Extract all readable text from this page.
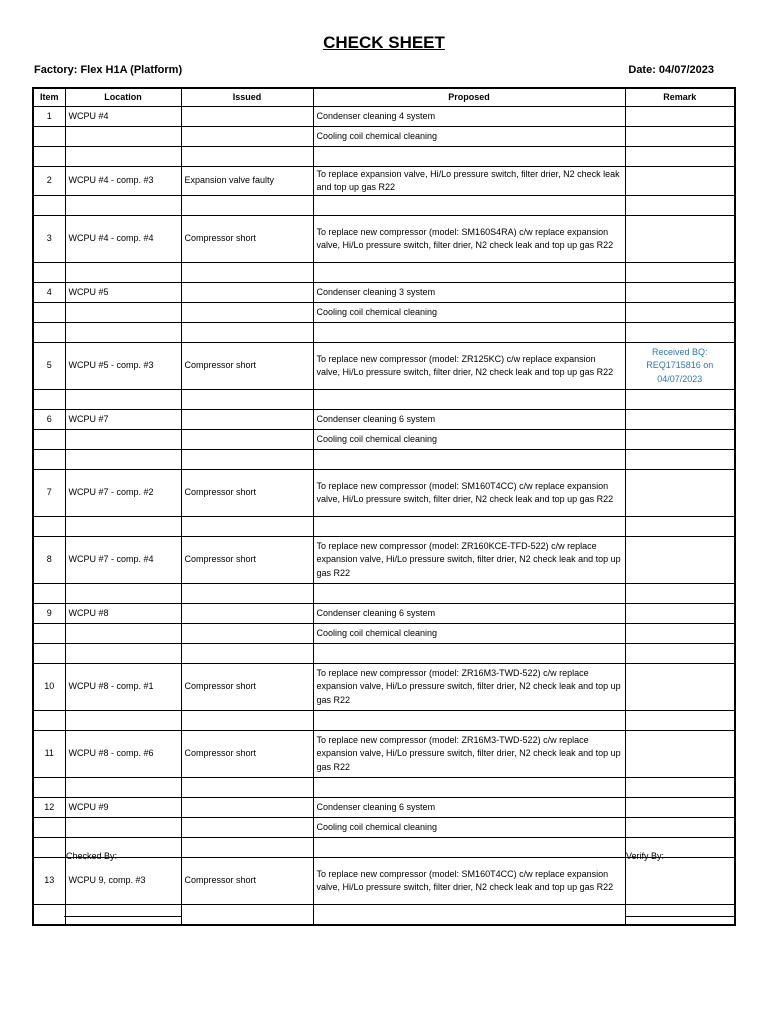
CHECK SHEET
Factory: Flex H1A (Platform)	Date: 04/07/2023
Item	Location	Issued	Proposed	Remark
1	WCPU #4		Condenser cleaning 4 system	
			Cooling coil chemical cleaning	

2	WCPU #4 - comp. #3	Expansion valve faulty	To replace expansion valve, Hi/Lo pressure switch, filter drier, N2 check leak and top up gas R22	

3	WCPU #4 - comp. #4	Compressor short	To replace new compressor (model: SM160S4RA) c/w replace expansion valve, Hi/Lo pressure switch, filter drier, N2 check leak and top up gas R22	

4	WCPU #5		Condenser cleaning 3 system	
			Cooling coil chemical cleaning	

5	WCPU #5 - comp. #3	Compressor short	To replace new compressor (model: ZR125KC) c/w replace expansion valve, Hi/Lo pressure switch, filter drier, N2 check leak and top up gas R22	Received BQ: REQ1715816 on 04/07/2023

6	WCPU #7		Condenser cleaning 6 system	
			Cooling coil chemical cleaning	

7	WCPU #7 - comp. #2	Compressor short	To replace new compressor (model: SM160T4CC) c/w replace expansion valve, Hi/Lo pressure switch, filter drier, N2 check leak and top up gas R22	

8	WCPU #7 - comp. #4	Compressor short	To replace new compressor (model: ZR160KCE-TFD-522) c/w replace expansion valve, Hi/Lo pressure switch, filter drier, N2 check leak and top up gas R22	

9	WCPU #8		Condenser cleaning 6 system	
			Cooling coil chemical cleaning	

10	WCPU #8 - comp. #1	Compressor short	To replace new compressor (model: ZR16M3-TWD-522) c/w replace expansion valve, Hi/Lo pressure switch, filter drier, N2 check leak and top up gas R22	

11	WCPU #8 - comp. #6	Compressor short	To replace new compressor (model: ZR16M3-TWD-522) c/w replace expansion valve, Hi/Lo pressure switch, filter drier, N2 check leak and top up gas R22	

12	WCPU #9		Condenser cleaning 6 system	
			Cooling coil chemical cleaning	

13	WCPU 9, comp. #3	Compressor short	To replace new compressor (model: SM160T4CC) c/w replace expansion valve, Hi/Lo pressure switch, filter drier, N2 check leak and top up gas R22	

Checked By:	Verify By:
